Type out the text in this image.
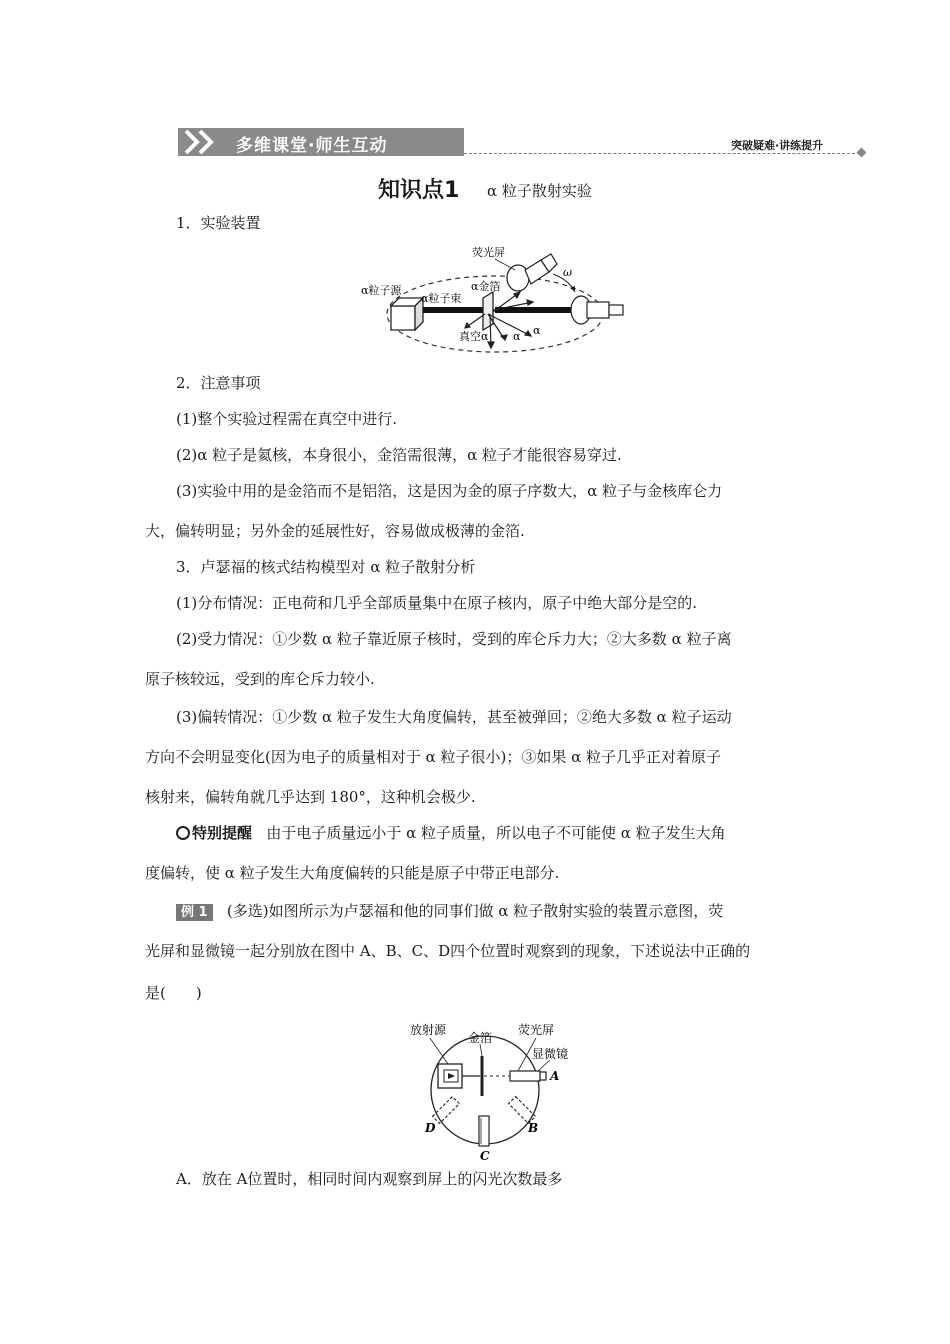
多维课堂·师生互动	突破疑难·讲练提升
知识点1 α 粒子散射实验
1．实验装置
荧光屏
α粒子源
α粒子束
α金箔
真空 α α α
ω
2．注意事项
(1)整个实验过程需在真空中进行.
(2)α 粒子是氦核，本身很小，金箔需很薄，α 粒子才能很容易穿过.
(3)实验中用的是金箔而不是铝箔，这是因为金的原子序数大，α 粒子与金核库仑力
大，偏转明显；另外金的延展性好，容易做成极薄的金箔.
3．卢瑟福的核式结构模型对 α 粒子散射分析
(1)分布情况：正电荷和几乎全部质量集中在原子核内，原子中绝大部分是空的.
(2)受力情况：①少数 α 粒子靠近原子核时，受到的库仑斥力大；②大多数 α 粒子离
原子核较远，受到的库仑斥力较小.
(3)偏转情况：①少数 α 粒子发生大角度偏转，甚至被弹回；②绝大多数 α 粒子运动
方向不会明显变化(因为电子的质量相对于 α 粒子很小)；③如果 α 粒子几乎正对着原子
核射来，偏转角就几乎达到 180°，这种机会极少.
特别提醒 由于电子质量远小于 α 粒子质量，所以电子不可能使 α 粒子发生大角
度偏转，使 α 粒子发生大角度偏转的只能是原子中带正电部分.
例 1 (多选)如图所示为卢瑟福和他的同事们做 α 粒子散射实验的装置示意图，荧
光屏和显微镜一起分别放在图中 A、B、C、D四个位置时观察到的现象，下述说法中正确的
是(　　)
放射源
金箔
荧光屏
显微镜
A
B
C
D
A．放在 A位置时，相同时间内观察到屏上的闪光次数最多
